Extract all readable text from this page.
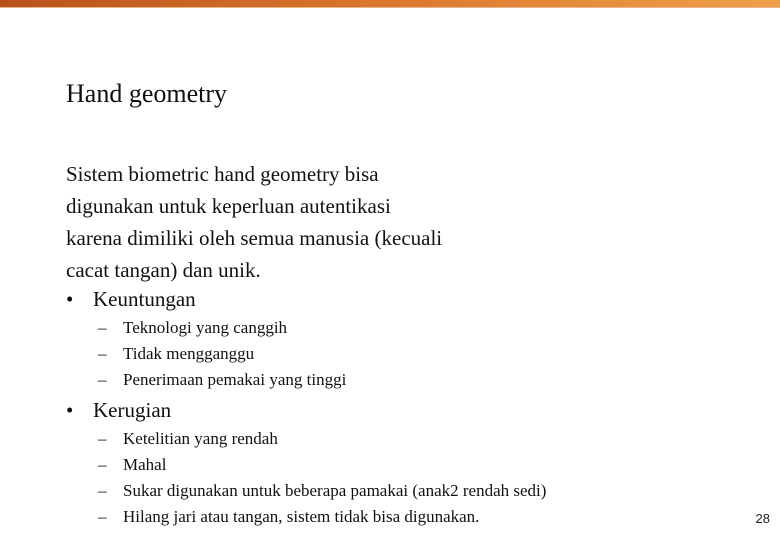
Hand geometry
Sistem biometric hand geometry bisa
digunakan untuk keperluan autentikasi
karena dimiliki oleh semua manusia (kecuali
cacat tangan) dan unik.
• Keuntungan
– Teknologi yang canggih
– Tidak mengganggu
– Penerimaan pemakai yang tinggi
• Kerugian
– Ketelitian yang rendah
– Mahal
– Sukar digunakan untuk beberapa pamakai (anak2 rendah sedi)
– Hilang jari atau tangan, sistem tidak bisa digunakan.	28
